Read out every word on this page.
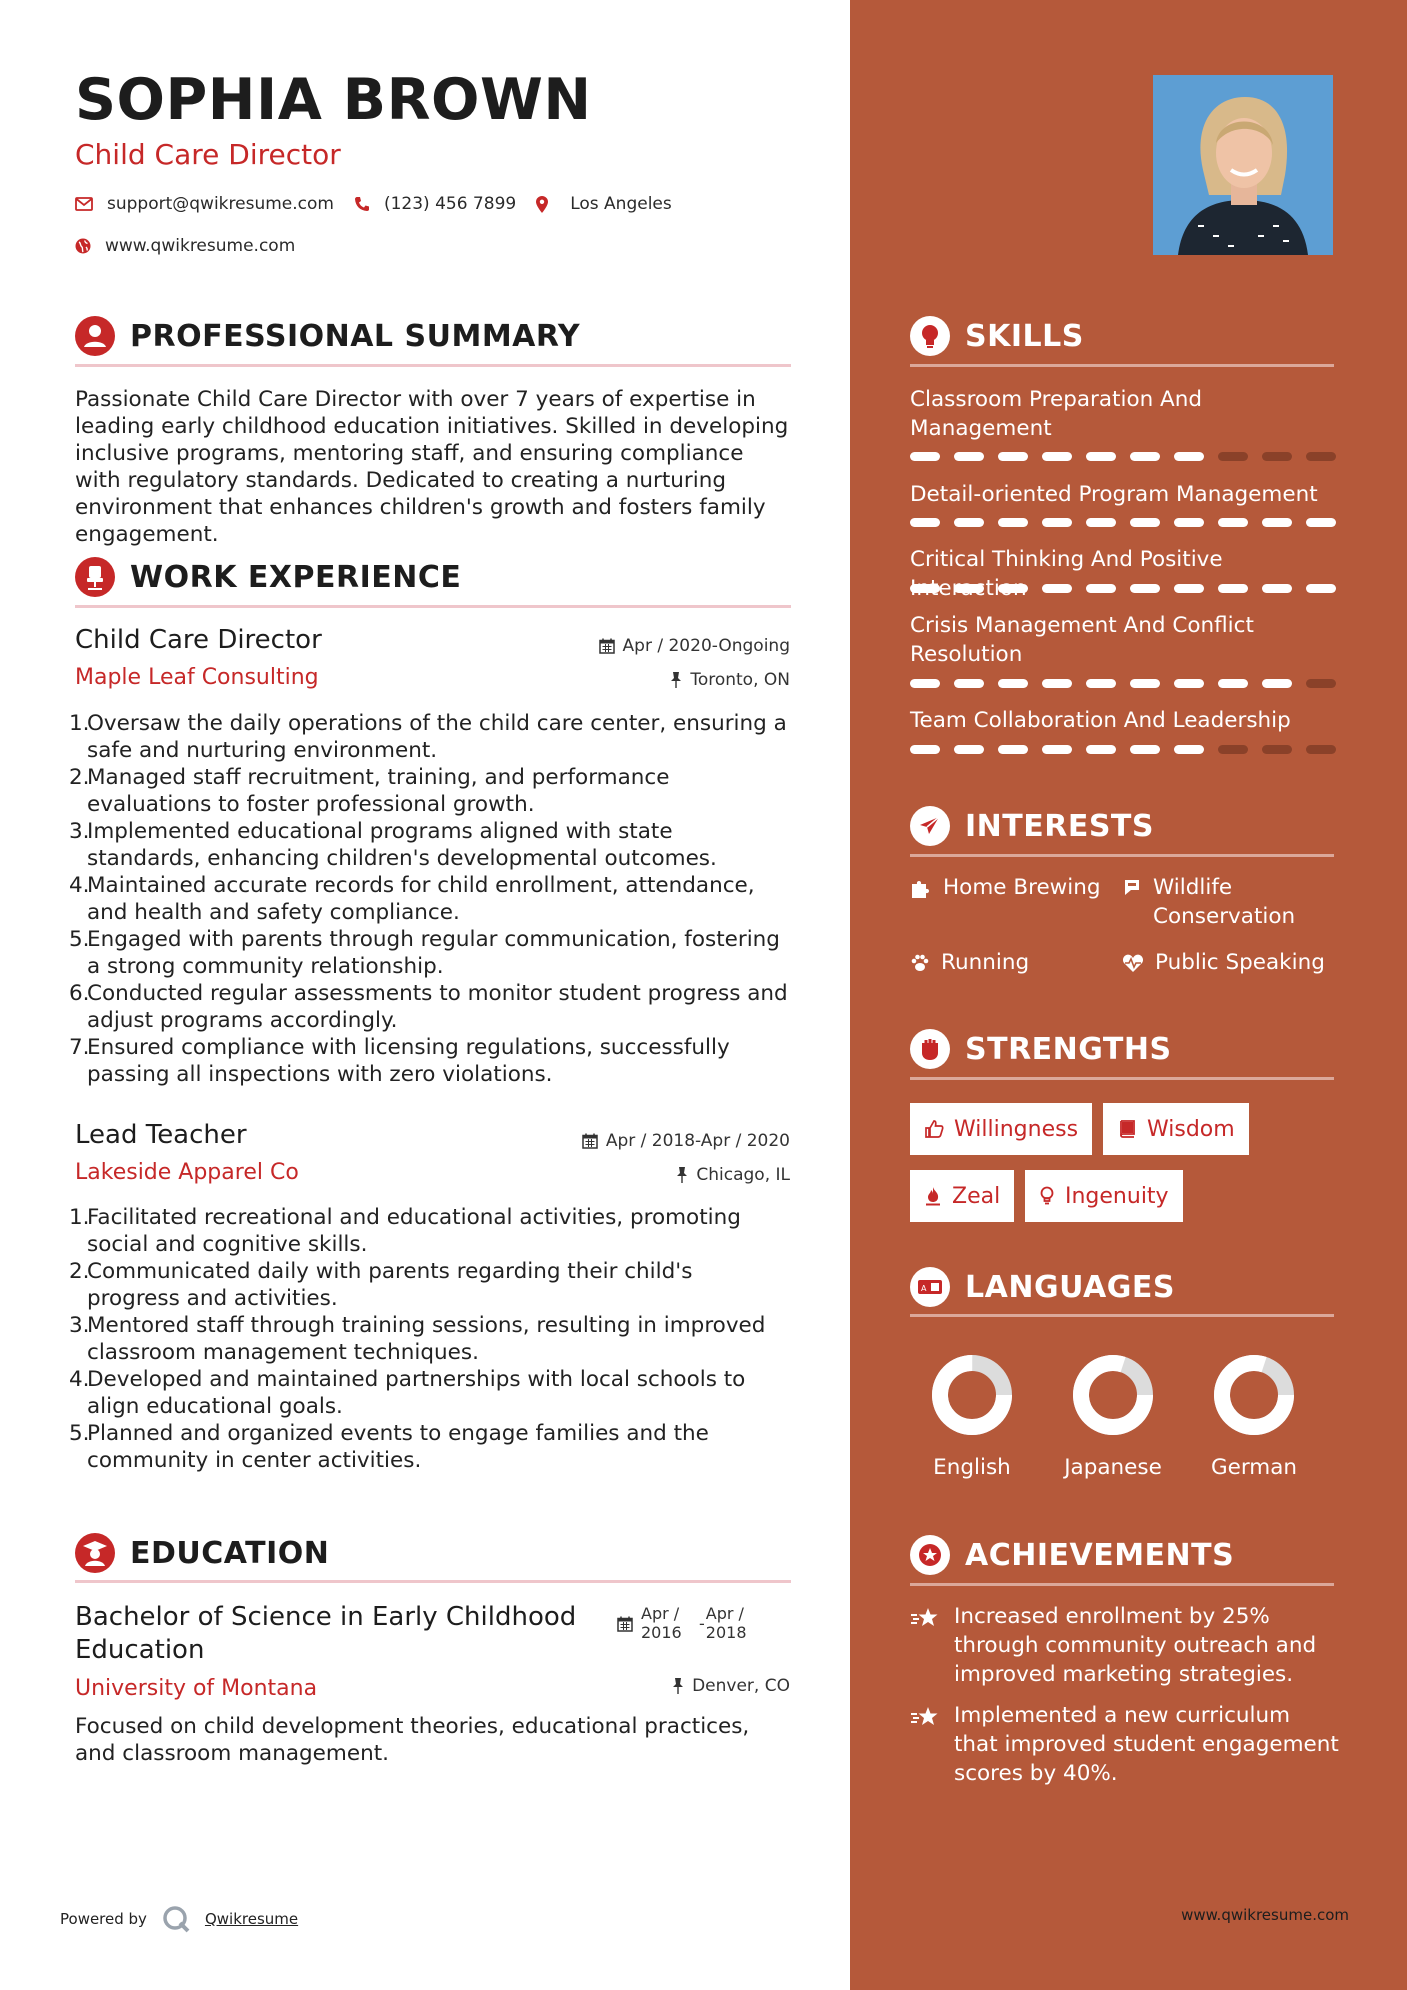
SOPHIA BROWN
Child Care Director
support@qwikresume.com	(123) 456 7899	Los Angeles
www.qwikresume.com
PROFESSIONAL SUMMARY
Passionate Child Care Director with over 7 years of expertise in leading early childhood education initiatives. Skilled in developing inclusive programs, mentoring staff, and ensuring compliance with regulatory standards. Dedicated to creating a nurturing environment that enhances children's growth and fosters family engagement.
WORK EXPERIENCE
Child Care Director	Apr / 2020-Ongoing
Maple Leaf Consulting	Toronto, ON
1.
Oversaw the daily operations of the child care center, ensuring a safe and nurturing environment.
2.
Managed staff recruitment, training, and performance evaluations to foster professional growth.
3.
Implemented educational programs aligned with state standards, enhancing children's developmental outcomes.
4.
Maintained accurate records for child enrollment, attendance, and health and safety compliance.
5.
Engaged with parents through regular communication, fostering a strong community relationship.
6.
Conducted regular assessments to monitor student progress and adjust programs accordingly.
7.
Ensured compliance with licensing regulations, successfully passing all inspections with zero violations.
Lead Teacher	Apr / 2018-Apr / 2020
Lakeside Apparel Co	Chicago, IL
1.
Facilitated recreational and educational activities, promoting social and cognitive skills.
2.
Communicated daily with parents regarding their child's progress and activities.
3.
Mentored staff through training sessions, resulting in improved classroom management techniques.
4.
Developed and maintained partnerships with local schools to align educational goals.
5.
Planned and organized events to engage families and the community in center activities.
EDUCATION
Bachelor of Science in Early Childhood Education
Apr / 2016	-
Apr / 2018
University of Montana	Denver, CO
Focused on child development theories, educational practices, and classroom management.
Powered by	Qwikresume
SKILLS
Classroom Preparation And Management
Detail-oriented Program Management
Critical Thinking And Positive
Crisis Management And Conflict Resolution
Team Collaboration And Leadership
INTERESTS
Home Brewing Wildlife Conservation
Running	Public Speaking
STRENGTHS
Willingness	Wisdom
Zeal	Ingenuity
A LANGUAGES
English	Japanese	German
ACHIEVEMENTS
Increased enrollment by 25% through community outreach and improved marketing strategies.
Implemented a new curriculum that improved student engagement scores by 40%.
www.qwikresume.com
